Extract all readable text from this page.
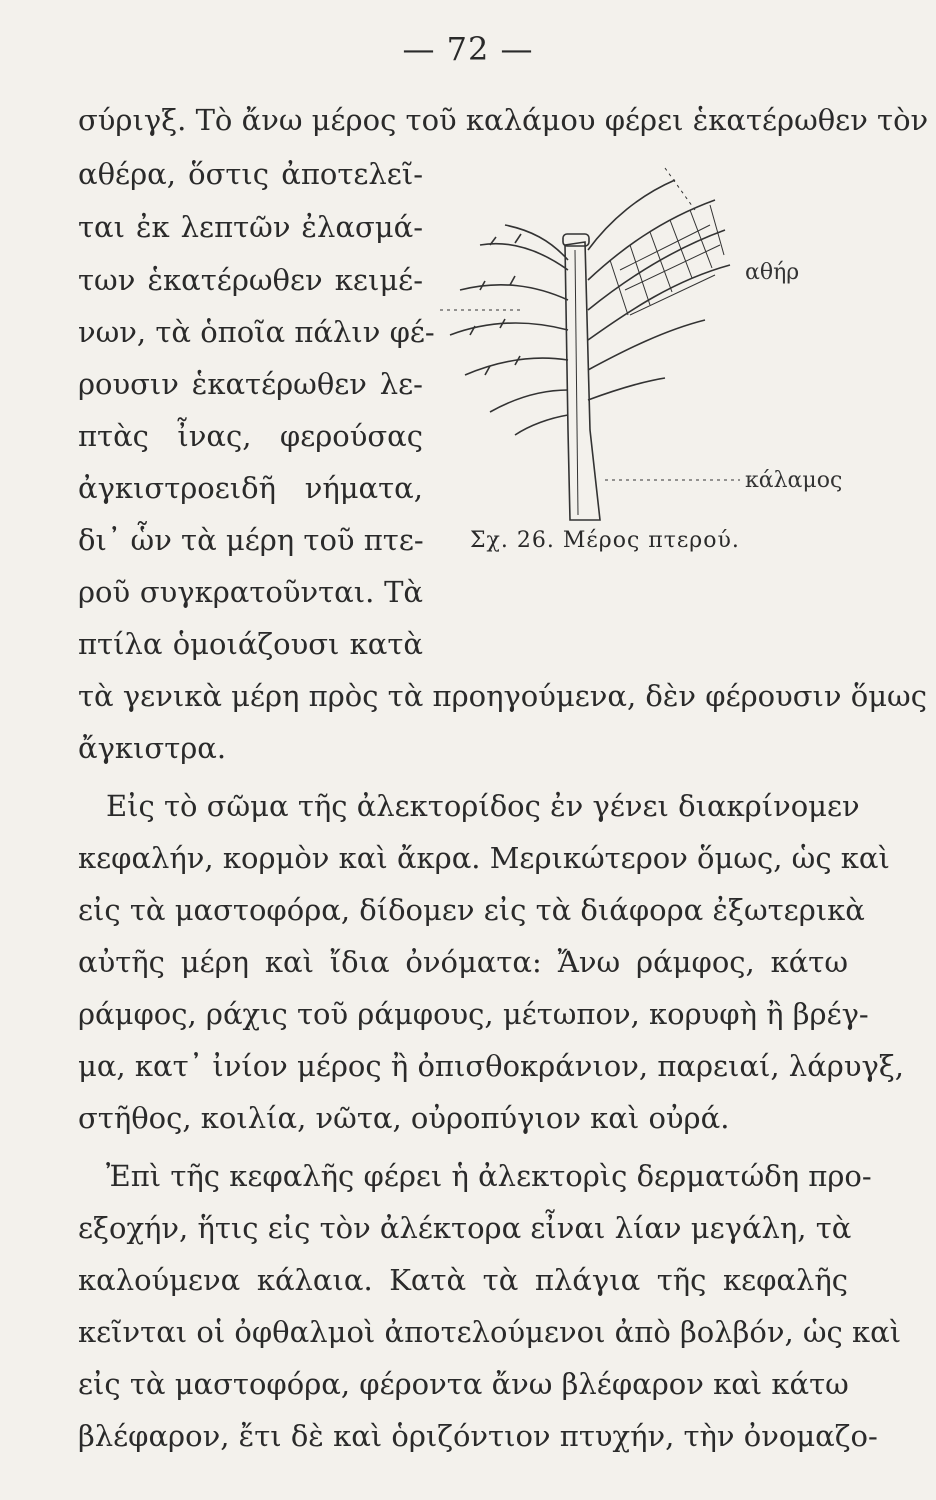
— 72 —
σύριγξ. Τὸ ἄνω μέρος τοῦ καλάμου φέρει ἑκατέρωθεν τὸν
αθέρα, ὅστις ἀποτελεῖ-
ται ἐκ λεπτῶν ἐλασμά-
των ἑκατέρωθεν κειμέ-
νων, τὰ ὁποῖα πάλιν φέ-
ρουσιν ἑκατέρωθεν λε-
πτὰς ἶνας, φερούσας
ἀγκιστροειδῆ νήματα,
δι᾽ ὧν τὰ μέρη τοῦ πτε-
ροῦ συγκρατοῦνται. Τὰ
πτίλα ὁμοιάζουσι κατὰ
τὰ γενικὰ μέρη πρὸς τὰ προηγούμενα, δὲν φέρουσιν ὅμως
ἄγκιστρα.
Εἰς τὸ σῶμα τῆς ἀλεκτορίδος ἐν γένει διακρίνομεν
κεφαλήν, κορμὸν καὶ ἄκρα. Μερικώτερον ὅμως, ὡς καὶ
εἰς τὰ μαστοφόρα, δίδομεν εἰς τὰ διάφορα ἐξωτερικὰ
αὐτῆς μέρη καὶ ἴδια ὀνόματα: Ἄνω ράμφος, κάτω
ράμφος, ράχις τοῦ ράμφους, μέτωπον, κορυφὴ ἢ βρέγ-
μα, κατ᾽ ἰνίον μέρος ἢ ὀπισθοκράνιον, παρειαί, λάρυγξ,
στῆθος, κοιλία, νῶτα, οὐροπύγιον καὶ οὐρά.
Ἐπὶ τῆς κεφαλῆς φέρει ἡ ἀλεκτορὶς δερματώδη προ-
εξοχήν, ἥτις εἰς τὸν ἀλέκτορα εἶναι λίαν μεγάλη, τὰ
καλούμενα κάλαια. Κατὰ τὰ πλάγια τῆς κεφαλῆς
κεῖνται οἱ ὀφθαλμοὶ ἀποτελούμενοι ἀπὸ βολβόν, ὡς καὶ
εἰς τὰ μαστοφόρα, φέροντα ἄνω βλέφαρον καὶ κάτω
βλέφαρον, ἔτι δὲ καὶ ὁριζόντιον πτυχήν, τὴν ὀνομαζο-
αθήρ
κάλαμος
Σχ. 26. Μέρος πτερού.
